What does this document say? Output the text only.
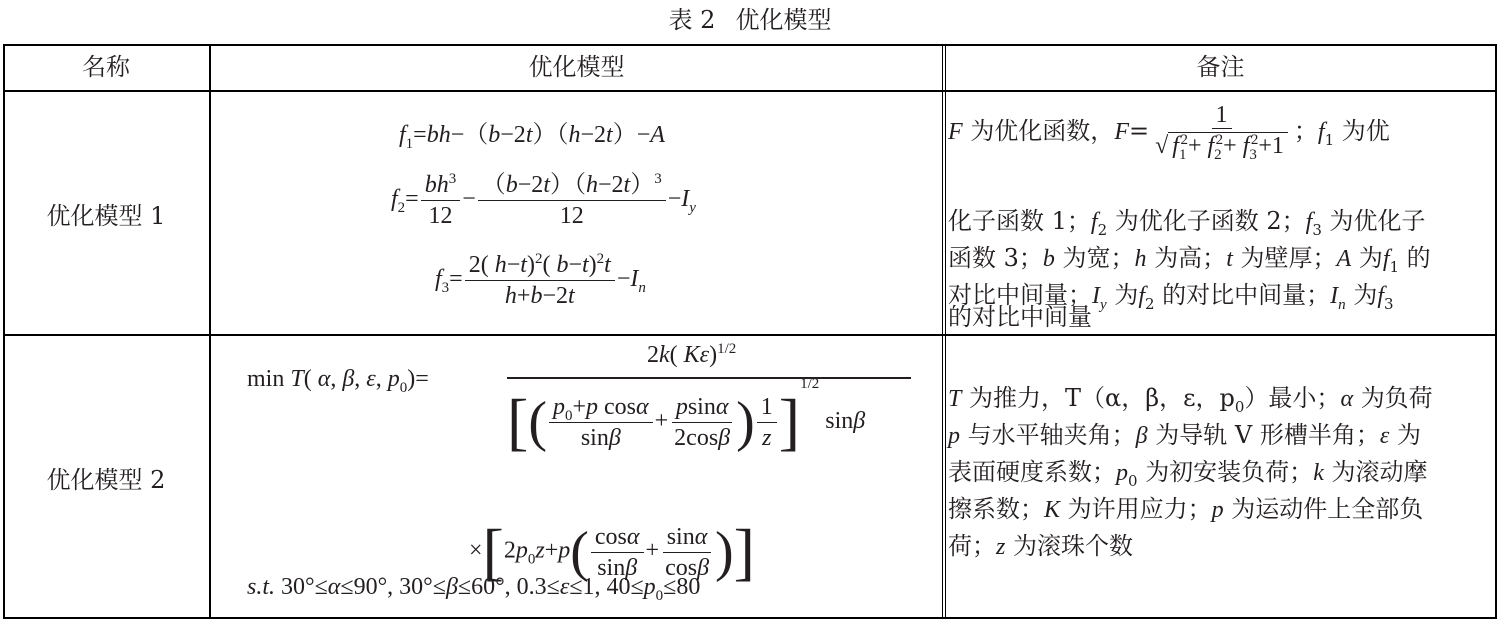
表 2 优化模型
名称	优化模型	备注
优化模型 1
$f_1=bh-(b-2t)(h-2t)-A$
$f_2= \frac{bh^3}{12} - \frac{(b-2t)(h-2t)^3}{12} -I_y$
$f_3= \frac{2( h-t)^2( b-t)^2t}{h+b-2t} -I_n$
F 为优化函数，$F= \frac{1}{√ f_1^2+ f_2^2+ f_3^2+1}$ ；$f_1$ 为优
化子函数 1；$f_2$ 为优化子函数 2；$f_3$ 为优化子
函数 3；b 为宽；h 为高；t 为壁厚；A 为$f_1$ 的
对比中间量；$I_y$ 为$f_2$ 的对比中间量；$I_n$ 为$f_3$
的对比中间量
优化模型 2
min T( α, β, ε, $p_0)=$
2k( Kε)$^{1/2}$
[( $\frac{p_0+p \cos\alpha}{\sin\beta} + \frac{psin\alpha}{2\cos\beta}$ ) $\frac{1}{z} ]^{1/2}$ sinβ
$\times[2p_0z+p( \frac{\cos\alpha}{\sin\beta} + \frac{\sin\alpha}{\cos\beta}$ )]
s.t. 30°≤α≤90°, 30°≤β≤60°, 0.3≤ε≤1, $40\le p_0\le 80$
T 为推力，T（α，β，ε，$p_0$）最小；α 为负荷
p 与水平轴夹角；β 为导轨 V 形槽半角；ε 为
表面硬度系数；$p_0$ 为初安装负荷；k 为滚动摩
擦系数；K 为许用应力；p 为运动件上全部负
荷；z 为滚珠个数
